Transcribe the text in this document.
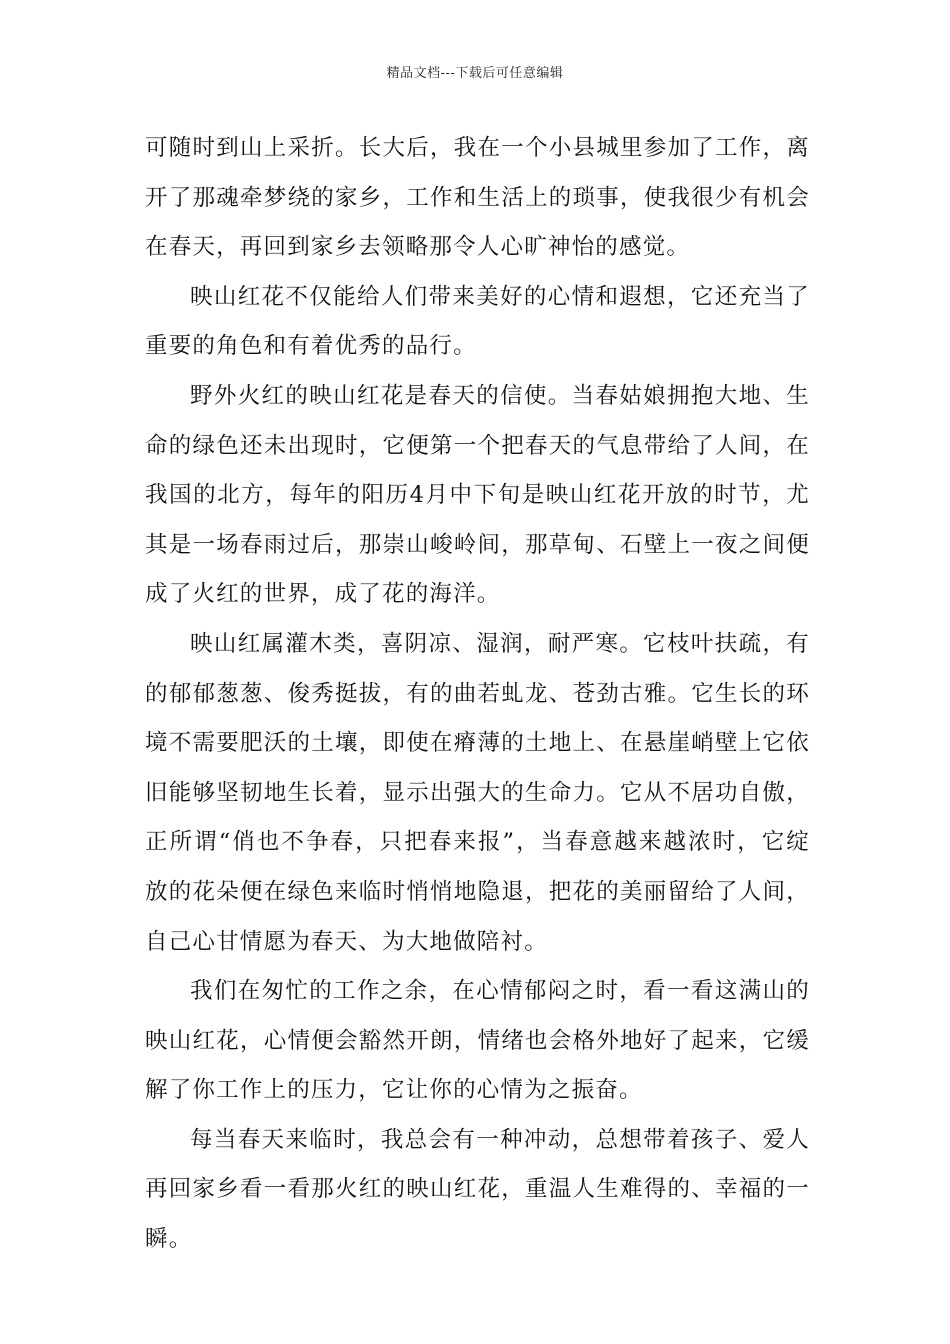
精品文档---下载后可任意编辑

可随时到山上采折。长大后，我在一个小县城里参加了工作，离开了那魂牵梦绕的家乡，工作和生活上的琐事，使我很少有机会在春天，再回到家乡去领略那令人心旷神怡的感觉。

映山红花不仅能给人们带来美好的心情和遐想，它还充当了重要的角色和有着优秀的品行。

野外火红的映山红花是春天的信使。当春姑娘拥抱大地、生命的绿色还未出现时，它便第一个把春天的气息带给了人间，在我国的北方，每年的阳历4月中下旬是映山红花开放的时节，尤其是一场春雨过后，那崇山峻岭间，那草甸、石壁上一夜之间便成了火红的世界，成了花的海洋。

映山红属灌木类，喜阴凉、湿润，耐严寒。它枝叶扶疏，有的郁郁葱葱、俊秀挺拔，有的曲若虬龙、苍劲古雅。它生长的环境不需要肥沃的土壤，即使在瘠薄的土地上、在悬崖峭壁上它依旧能够坚韧地生长着，显示出强大的生命力。它从不居功自傲，正所谓“俏也不争春，只把春来报”，当春意越来越浓时，它绽放的花朵便在绿色来临时悄悄地隐退，把花的美丽留给了人间，自己心甘情愿为春天、为大地做陪衬。

我们在匆忙的工作之余，在心情郁闷之时，看一看这满山的映山红花，心情便会豁然开朗，情绪也会格外地好了起来，它缓解了你工作上的压力，它让你的心情为之振奋。

每当春天来临时，我总会有一种冲动，总想带着孩子、爱人再回家乡看一看那火红的映山红花，重温人生难得的、幸福的一瞬。
